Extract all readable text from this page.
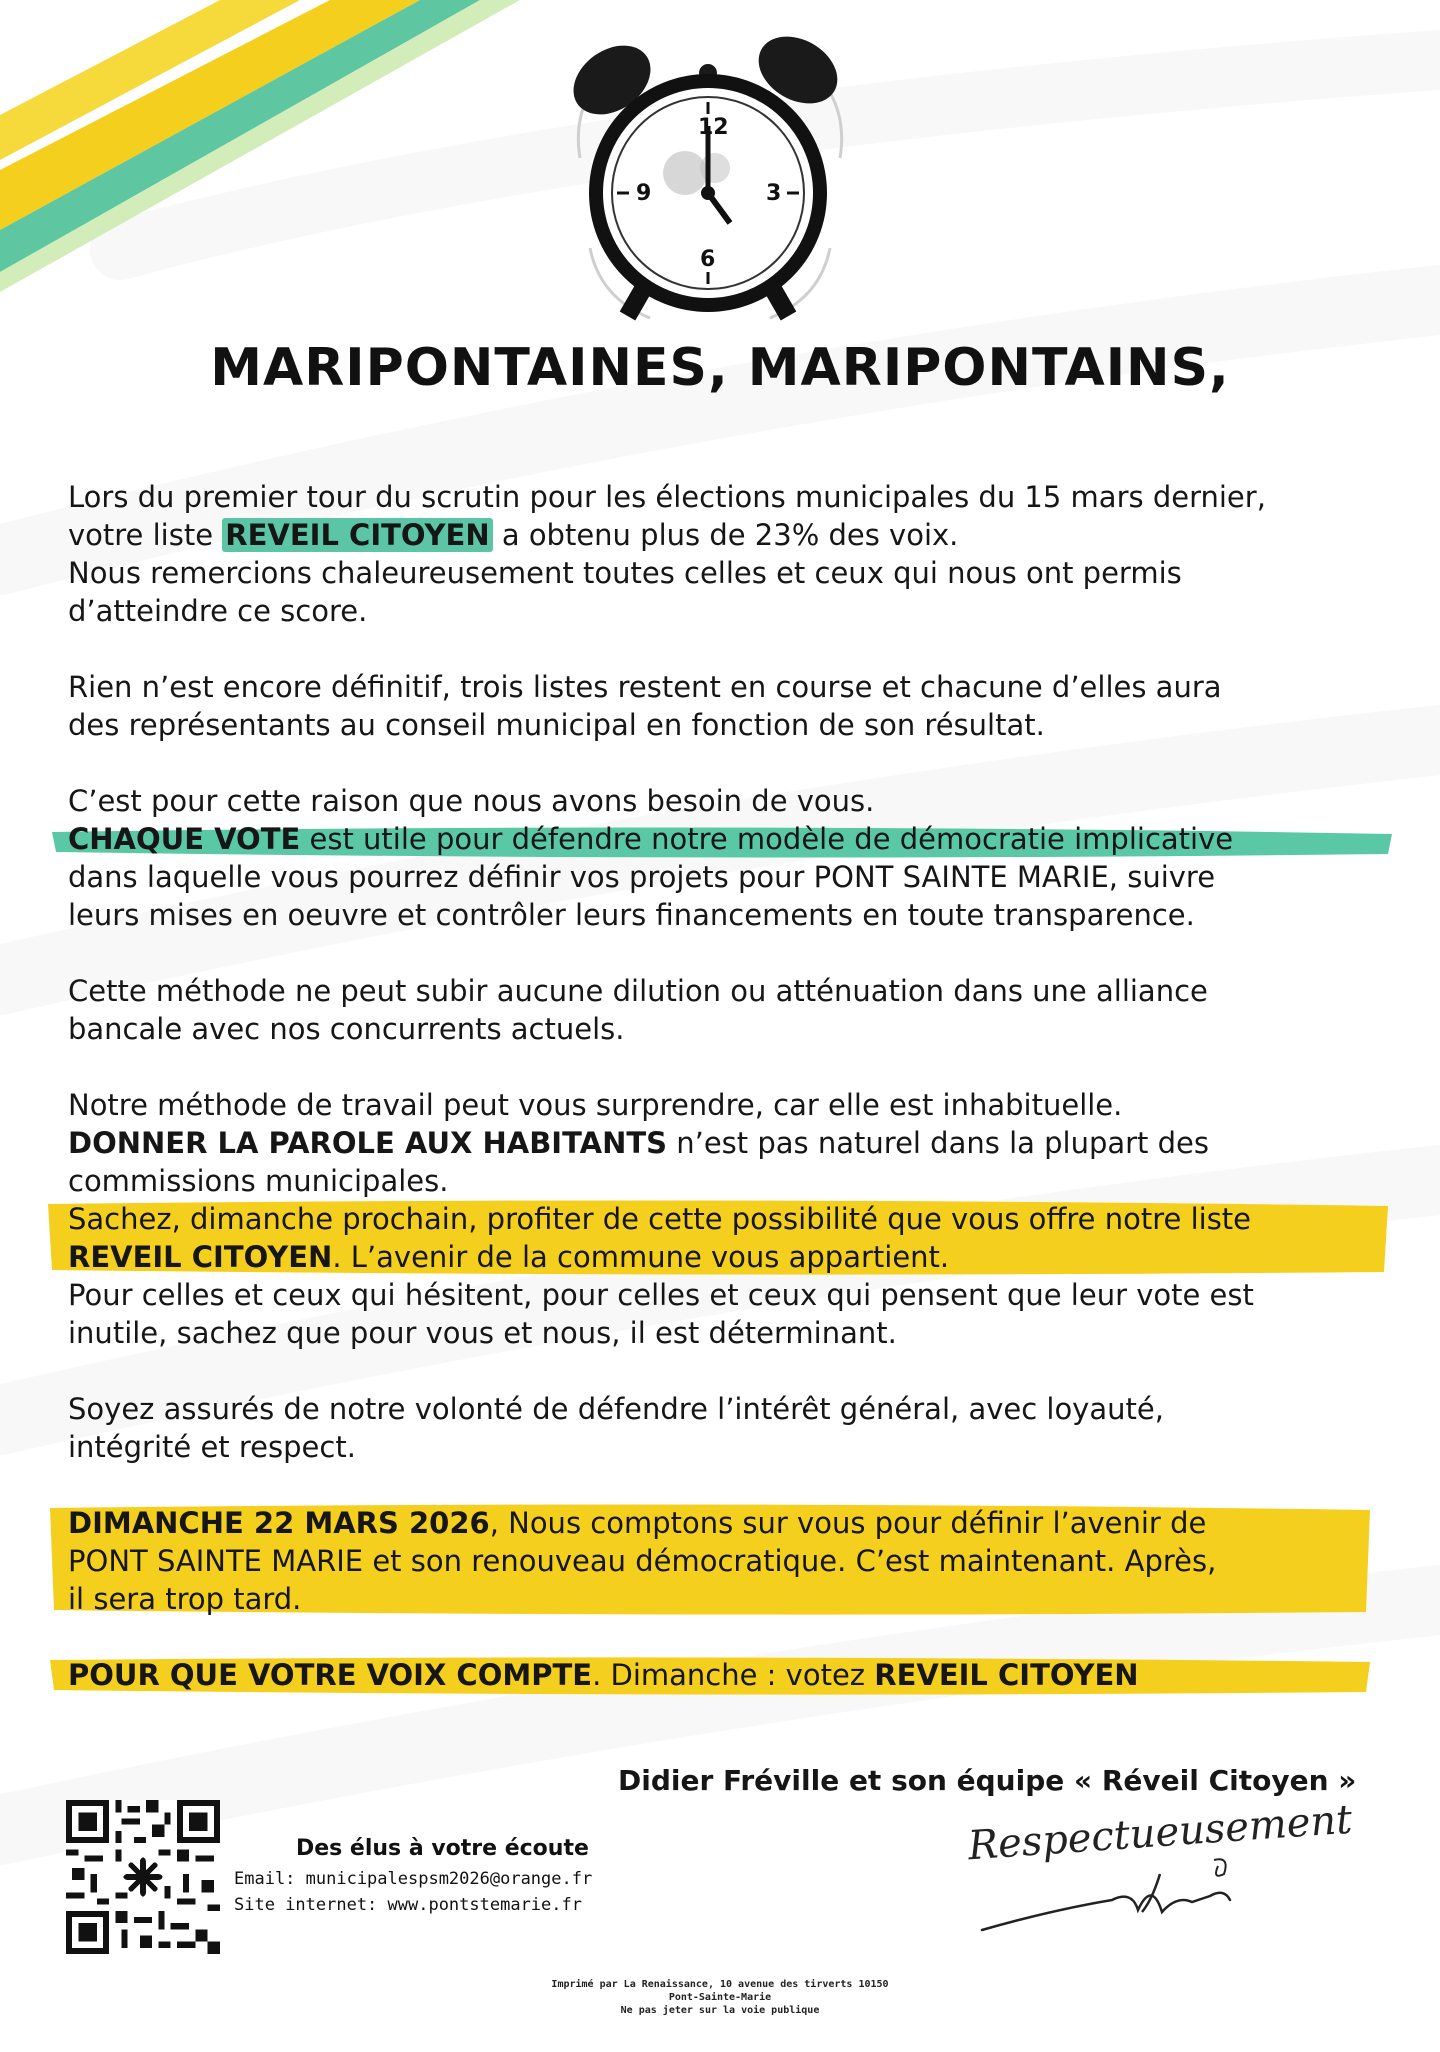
12
3
6
9
MARIPONTAINES, MARIPONTAINS,
Lors du premier tour du scrutin pour les élections municipales du 15 mars dernier,
votre liste REVEIL CITOYEN a obtenu plus de 23% des voix.
Nous remercions chaleureusement toutes celles et ceux qui nous ont permis
d’atteindre ce score.
Rien n’est encore définitif, trois listes restent en course et chacune d’elles aura
des représentants au conseil municipal en fonction de son résultat.
C’est pour cette raison que nous avons besoin de vous.
CHAQUE VOTE est utile pour défendre notre modèle de démocratie implicative
dans laquelle vous pourrez définir vos projets pour PONT SAINTE MARIE, suivre
leurs mises en oeuvre et contrôler leurs financements en toute transparence.
Cette méthode ne peut subir aucune dilution ou atténuation dans une alliance
bancale avec nos concurrents actuels.
Notre méthode de travail peut vous surprendre, car elle est inhabituelle.
DONNER LA PAROLE AUX HABITANTS n’est pas naturel dans la plupart des
commissions municipales.
Sachez, dimanche prochain, profiter de cette possibilité que vous offre notre liste
REVEIL CITOYEN. L’avenir de la commune vous appartient.
Pour celles et ceux qui hésitent, pour celles et ceux qui pensent que leur vote est
inutile, sachez que pour vous et nous, il est déterminant.
Soyez assurés de notre volonté de défendre l’intérêt général, avec loyauté,
intégrité et respect.
DIMANCHE 22 MARS 2026, Nous comptons sur vous pour définir l’avenir de
PONT SAINTE MARIE et son renouveau démocratique. C’est maintenant. Après,
il sera trop tard.
POUR QUE VOTRE VOIX COMPTE. Dimanche : votez REVEIL CITOYEN
Didier Fréville et son équipe « Réveil Citoyen »
Des élus à votre écoute
Email: municipalespsm2026@orange.fr
Site internet: www.pontstemarie.fr
Respectueusement
Imprimé par La Renaissance, 10 avenue des tirverts 10150
Pont-Sainte-Marie
Ne pas jeter sur la voie publique
